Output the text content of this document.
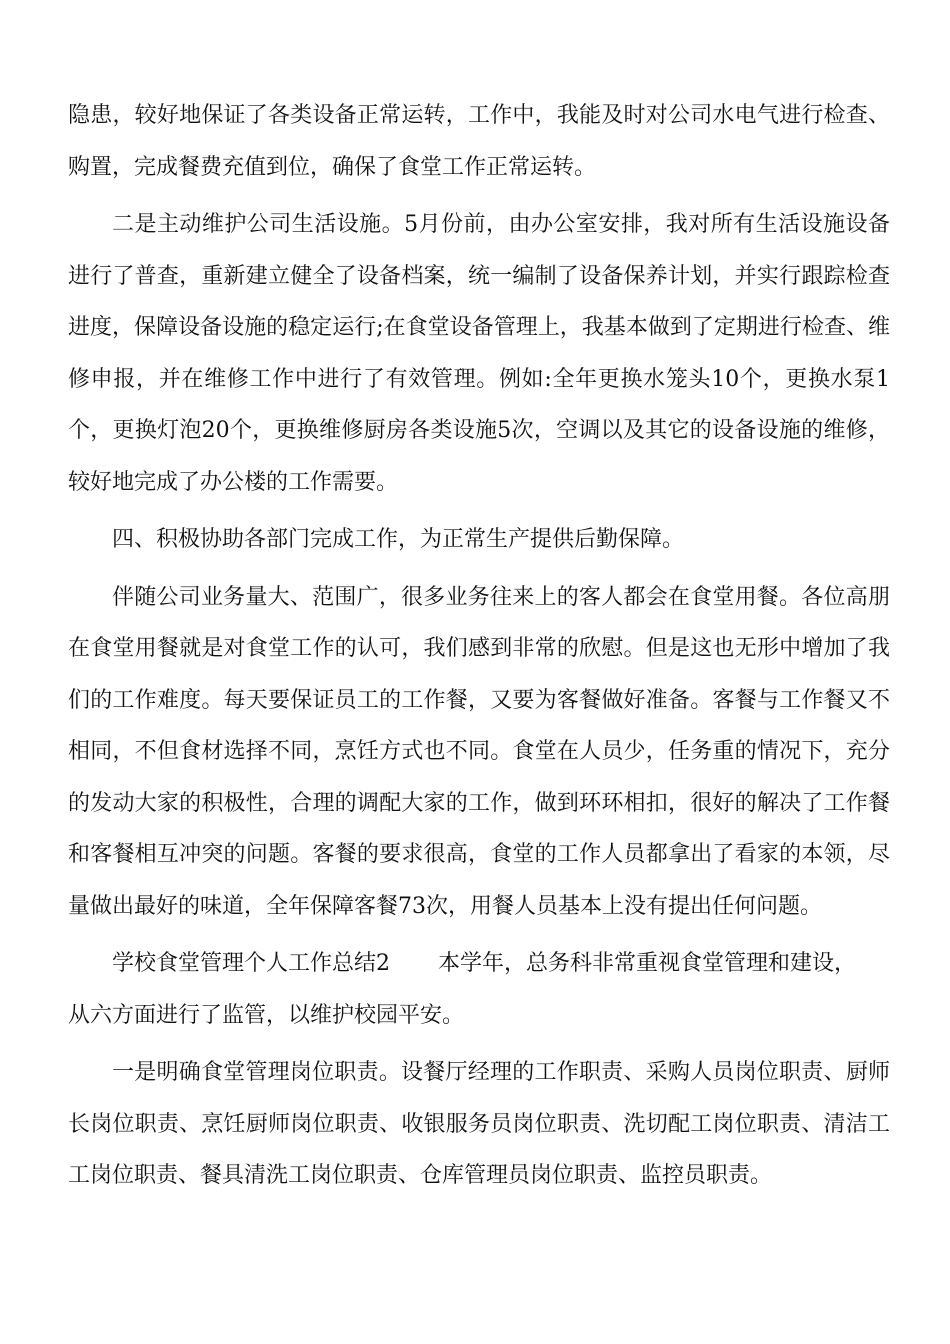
隐患，较好地保证了各类设备正常运转，工作中，我能及时对公司水电气进行检查、购置，完成餐费充值到位，确保了食堂工作正常运转。

二是主动维护公司生活设施。5月份前，由办公室安排，我对所有生活设施设备进行了普查，重新建立健全了设备档案，统一编制了设备保养计划，并实行跟踪检查进度，保障设备设施的稳定运行;在食堂设备管理上，我基本做到了定期进行检查、维修申报，并在维修工作中进行了有效管理。例如:全年更换水笼头10个，更换水泵1个，更换灯泡20个，更换维修厨房各类设施5次，空调以及其它的设备设施的维修，较好地完成了办公楼的工作需要。

四、积极协助各部门完成工作，为正常生产提供后勤保障。

伴随公司业务量大、范围广，很多业务往来上的客人都会在食堂用餐。各位高朋在食堂用餐就是对食堂工作的认可，我们感到非常的欣慰。但是这也无形中增加了我们的工作难度。每天要保证员工的工作餐，又要为客餐做好准备。客餐与工作餐又不相同，不但食材选择不同，烹饪方式也不同。食堂在人员少，任务重的情况下，充分的发动大家的积极性，合理的调配大家的工作，做到环环相扣，很好的解决了工作餐和客餐相互冲突的问题。客餐的要求很高，食堂的工作人员都拿出了看家的本领，尽量做出最好的味道，全年保障客餐73次，用餐人员基本上没有提出任何问题。

学校食堂管理个人工作总结2 本学年，总务科非常重视食堂管理和建设，

从六方面进行了监管，以维护校园平安。

一是明确食堂管理岗位职责。设餐厅经理的工作职责、采购人员岗位职责、厨师长岗位职责、烹饪厨师岗位职责、收银服务员岗位职责、洗切配工岗位职责、清洁工工岗位职责、餐具清洗工岗位职责、仓库管理员岗位职责、监控员职责。
